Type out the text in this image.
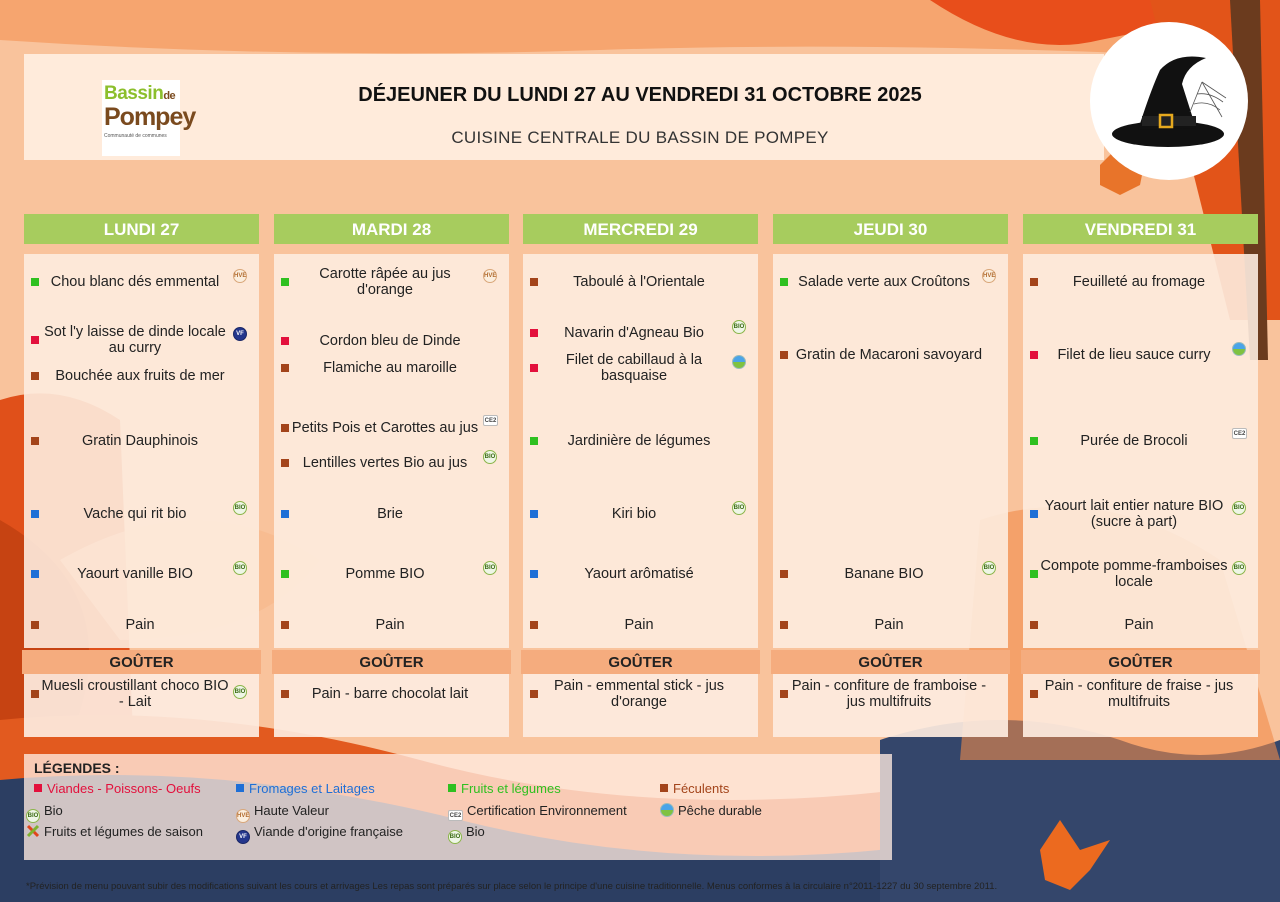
Bassinde
Pompey
Communauté de communes
DÉJEUNER DU LUNDI 27 AU VENDREDI 31 OCTOBRE 2025
CUISINE CENTRALE DU BASSIN DE POMPEY
LUNDI 27
Chou blanc dés emmental	HVE
Sot l'y laisse de dinde locale au curry
VF
Bouchée aux fruits de mer
Gratin Dauphinois
Vache qui rit bio	BIO
Yaourt vanille BIO	BIO
Pain
GOÛTER
Muesli croustillant choco BIO - Lait
BIO
MARDI 28
Carotte râpée au jus d'orange
HVE
Cordon bleu de Dinde
Flamiche au maroille
Petits Pois et Carottes au jus	CE2
Lentilles vertes Bio au jus	BIO
Brie
Pomme BIO	BIO
Pain
GOÛTER
Pain - barre chocolat lait
MERCREDI 29
Taboulé à l'Orientale
Navarin d'Agneau Bio	BIO
Filet de cabillaud à la basquaise
Jardinière de légumes
Kiri bio	BIO
Yaourt arômatisé
Pain
GOÛTER
Pain - emmental stick - jus d'orange
JEUDI 30
Salade verte aux Croûtons	HVE
Gratin de Macaroni savoyard
Banane BIO	BIO
Pain
GOÛTER
Pain - confiture de framboise - jus multifruits
VENDREDI 31
Feuilleté au fromage
Filet de lieu sauce curry
Purée de Brocoli	CE2
Yaourt lait entier nature BIO (sucre à part)
BIO
Compote pomme-framboises locale
BIO
Pain
GOÛTER
Pain - confiture de fraise - jus multifruits
LÉGENDES :
Viandes - Poissons- Oeufs	Fromages et Laitages	Fruits et légumes	Féculents
BIO Bio	HVE Haute Valeur	CE2 Certification Environnement	Pêche durable
Fruits et légumes de saison	VF Viande d'origine française	BIO Bio
*Prévision de menu pouvant subir des modifications suivant les cours et arrivages Les repas sont préparés sur place selon le principe d'une cuisine traditionnelle. Menus conformes à la circulaire n°2011-1227 du 30 septembre 2011.
